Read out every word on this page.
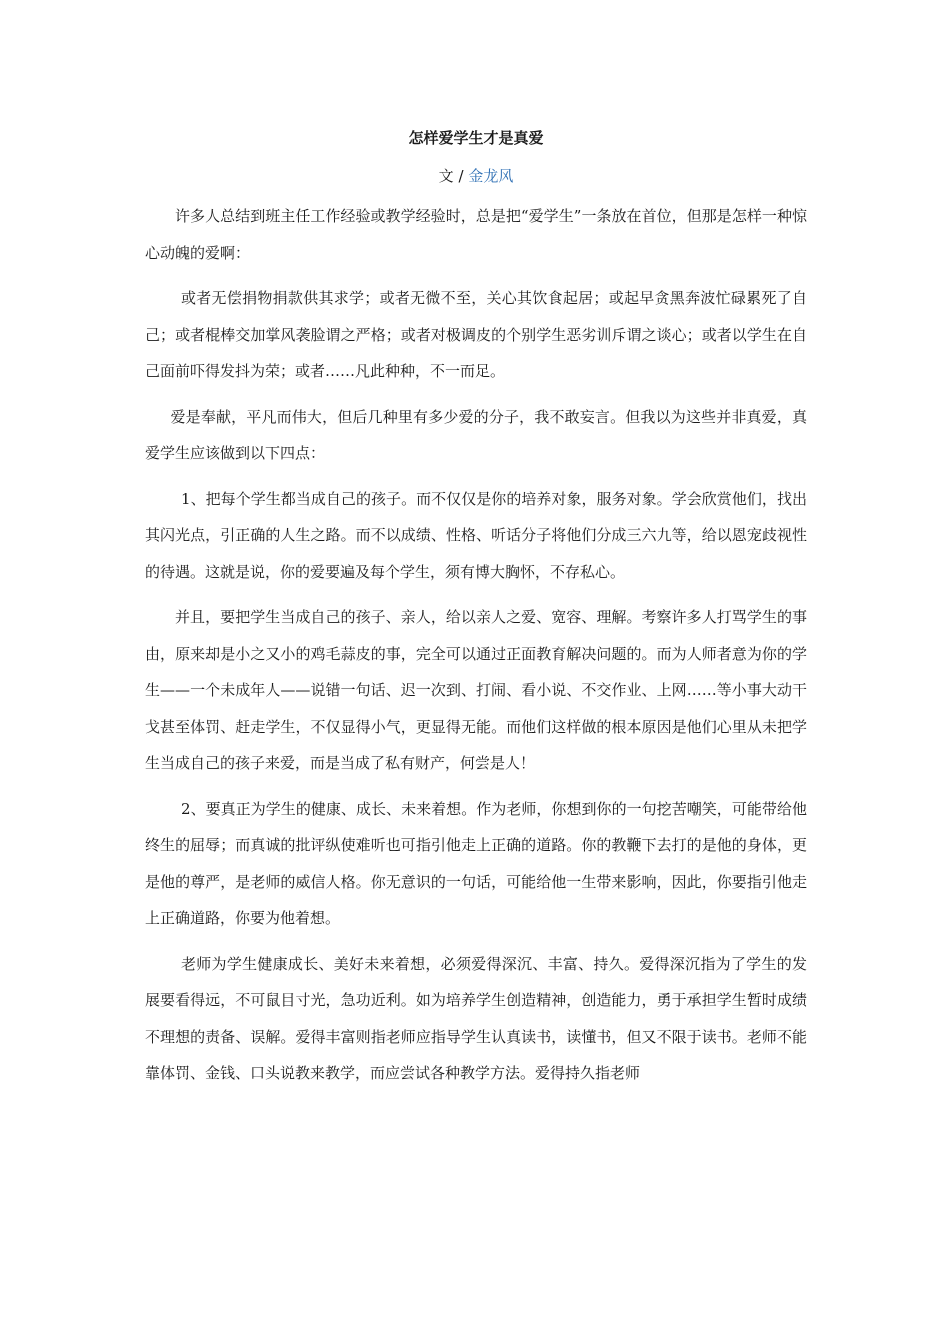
怎样爱学生才是真爱
文 / 金龙风

许多人总结到班主任工作经验或教学经验时，总是把“爱学生”一条放在首位，但那是怎样一种惊心动魄的爱啊：

或者无偿捐物捐款供其求学；或者无微不至，关心其饮食起居；或起早贪黑奔波忙碌累死了自己；或者棍棒交加掌风袭脸谓之严格；或者对极调皮的个别学生恶劣训斥谓之谈心；或者以学生在自己面前吓得发抖为荣；或者……凡此种种，不一而足。

爱是奉献，平凡而伟大，但后几种里有多少爱的分子，我不敢妄言。但我以为这些并非真爱，真爱学生应该做到以下四点：

1、把每个学生都当成自己的孩子。而不仅仅是你的培养对象，服务对象。学会欣赏他们，找出其闪光点，引正确的人生之路。而不以成绩、性格、听话分子将他们分成三六九等，给以恩宠歧视性的待遇。这就是说，你的爱要遍及每个学生，须有博大胸怀，不存私心。

并且，要把学生当成自己的孩子、亲人，给以亲人之爱、宽容、理解。考察许多人打骂学生的事由，原来却是小之又小的鸡毛蒜皮的事，完全可以通过正面教育解决问题的。而为人师者意为你的学生——一个未成年人——说错一句话、迟一次到、打闹、看小说、不交作业、上网……等小事大动干戈甚至体罚、赶走学生，不仅显得小气，更显得无能。而他们这样做的根本原因是他们心里从未把学生当成自己的孩子来爱，而是当成了私有财产，何尝是人！

2、要真正为学生的健康、成长、未来着想。作为老师，你想到你的一句挖苦嘲笑，可能带给他终生的屈辱；而真诚的批评纵使难听也可指引他走上正确的道路。你的教鞭下去打的是他的身体，更是他的尊严，是老师的威信人格。你无意识的一句话，可能给他一生带来影响，因此，你要指引他走上正确道路，你要为他着想。

老师为学生健康成长、美好未来着想，必须爱得深沉、丰富、持久。爱得深沉指为了学生的发展要看得远，不可鼠目寸光，急功近利。如为培养学生创造精神，创造能力，勇于承担学生暂时成绩不理想的责备、误解。爱得丰富则指老师应指导学生认真读书，读懂书，但又不限于读书。老师不能靠体罚、金钱、口头说教来教学，而应尝试各种教学方法。爱得持久指老师
